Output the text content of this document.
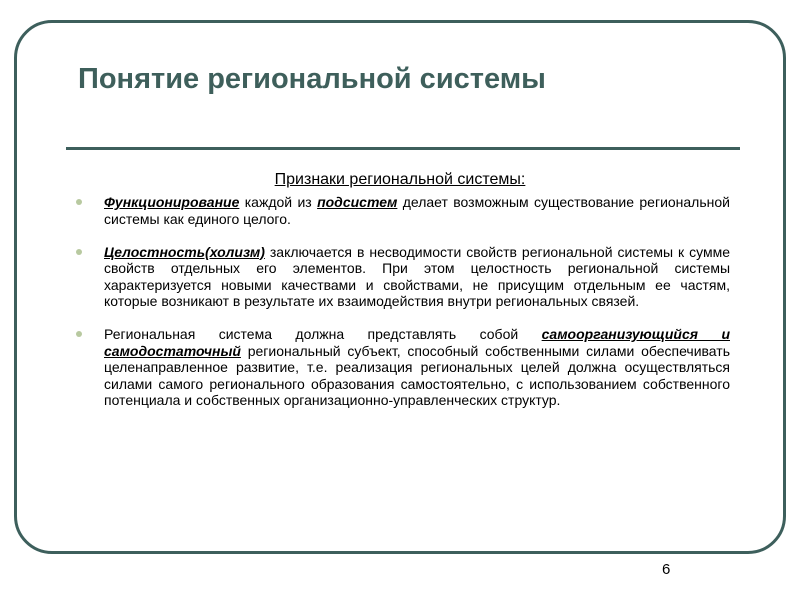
Понятие региональной системы
Признаки региональной системы:
Функционирование каждой из подсистем делает возможным существование региональной системы как единого целого.
Целостность(холизм) заключается в несводимости свойств региональной системы к сумме свойств отдельных его элементов. При этом целостность региональной системы характеризуется новыми качествами и свойствами, не присущим отдельным ее частям, которые возникают в результате их взаимодействия внутри региональных связей.
Региональная система должна представлять собой самоорганизующийся и самодостаточный региональный субъект, способный собственными силами обеспечивать целенаправленное развитие, т.е. реализация региональных целей должна осуществляться силами самого регионального образования самостоятельно, с использованием собственного потенциала и собственных организационно-управленческих структур.
6
